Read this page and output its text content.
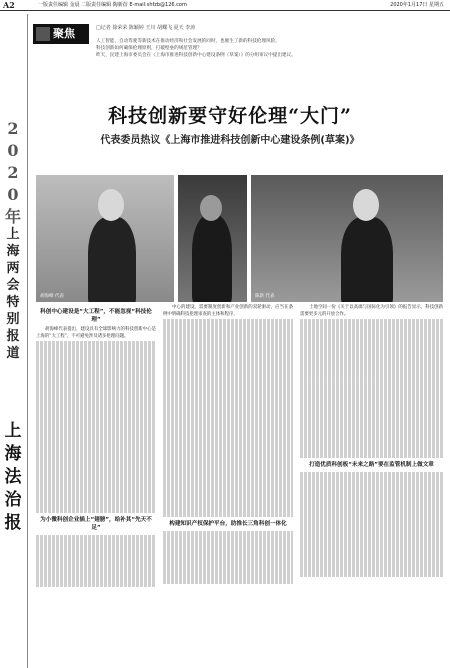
A2	一版责任编辑 金晨 二版责任编辑 陶新蓓 E-mail:shfzb@126.com	2020年1月17日 星期五
2
0
2
0
年
上
海
两
会
特
别
报
道
上
海
法
治
报
聚焦	□记者 徐荣荣 陈颖婷 王川 胡蝶飞 夏天 李涛
人工智能、自动驾驶等新技术在推动经济和社会发展的同时，也催生了新的科技伦理风险。
科技创新如何确保伦理原则，打破壁垒的规范管理？
昨天，民建上海市委员会在《上海市推进科技创新中心建设条例（草案）》的分组审议中提出建议。
科技创新要守好伦理“大门”
代表委员热议《上海市推进科技创新中心建设条例(草案)》
胡海峰 代表	陈新 代表
科创中心建设是“大工程”，不能忽视“科技伦理”

胡海峰代表提出，建设具有全球影响力的科技创新中心是上海的“大工程”，不可避免涉及诸多伦理问题。

为小微科创企业插上“翅膀”，给补其“先天不足”

中心的建设，需要制度创新和产业创新的双轮驱动，应当在条例中明确科技伦理审查的主体和程序。

构建知识产权保护平台，助推长三角科创一体化

土地空间一份《关于以高端与国际化为引领》的报告显示，科技创新需要更多元的开放合作。

打造优质科创板“未来之路”要在监管机制上做文章
